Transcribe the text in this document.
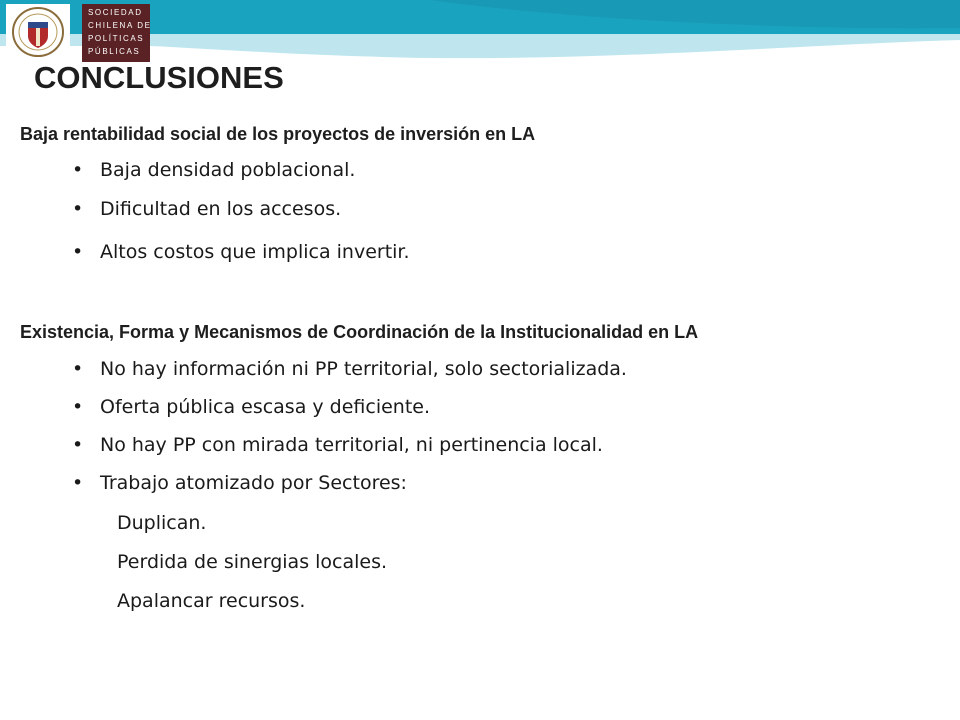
SOCIEDAD
CHILENA DE
POLÍTICAS
PÚBLICAS
CONCLUSIONES
Baja rentabilidad social de los proyectos de inversión en LA
• Baja densidad poblacional.
• Dificultad en los accesos.
• Altos costos que implica invertir.
Existencia, Forma y Mecanismos de Coordinación de la Institucionalidad en LA
• No hay información ni PP territorial, solo sectorializada.
• Oferta pública escasa y deficiente.
• No hay PP con mirada territorial, ni pertinencia local.
• Trabajo atomizado por Sectores:
Duplican.
Perdida de sinergias locales.
Apalancar recursos.
